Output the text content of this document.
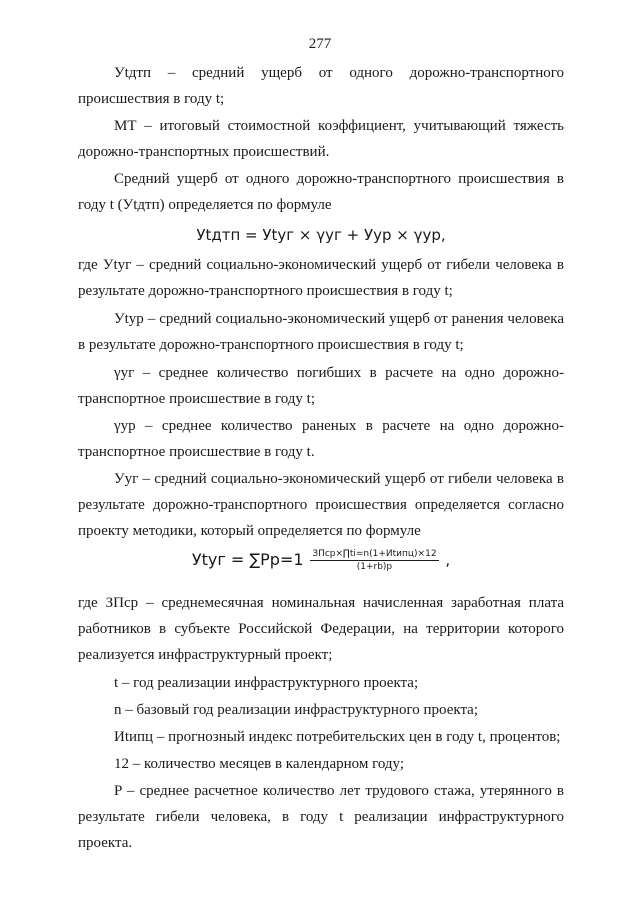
277
Уtдтп – средний ущерб от одного дорожно-транспортного
происшествия в году t;
МТ – итоговый стоимостной коэффициент, учитывающий тяжесть
дорожно-транспортных происшествий.
Средний ущерб от одного дорожно-транспортного происшествия в
году t (Уtдтп) определяется по формуле
Уtдтп = Уtуг × γуг + Ууp × γуp,
где Уtуг – средний социально-экономический ущерб от гибели человека в
результате дорожно-транспортного происшествия в году t;
Уtуp – средний социально-экономический ущерб от ранения человека
в результате дорожно-транспортного происшествия в году t;
γуг – среднее количество погибших в расчете на одно дорожно-
транспортное происшествие в году t;
γуp – среднее количество раненых в расчете на одно дорожно-
транспортное происшествие в году t.
Ууг – средний социально-экономический ущерб от гибели человека в
результате дорожно-транспортного происшествия определяется согласно
проекту методики, который определяется по формуле
Уtуг = $\sum Pp=1 \frac{\text{ЗПср×∏ti=n(1+Иtипц)×12}}{(1+rb)p}$ ,
где ЗПср – среднемесячная номинальная начисленная заработная плата
работников в субъекте Российской Федерации, на территории которого
реализуется инфраструктурный проект;
t – год реализации инфраструктурного проекта;
n – базовый год реализации инфраструктурного проекта;
Иtипц – прогнозный индекс потребительских цен в году t, процентов;
12 – количество месяцев в календарном году;
P – среднее расчетное количество лет трудового стажа, утерянного в
результате гибели человека, в году t реализации инфраструктурного
проекта.
